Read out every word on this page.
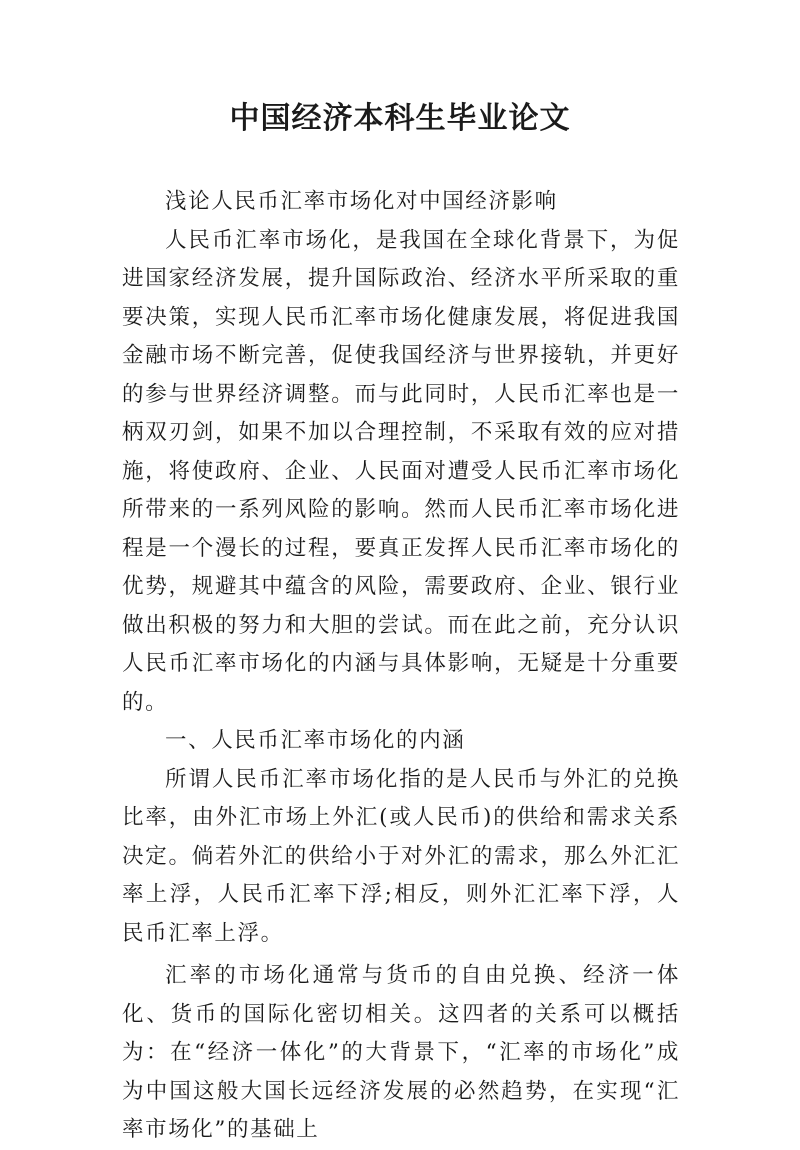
中国经济本科生毕业论文

浅论人民币汇率市场化对中国经济影响

人民币汇率市场化，是我国在全球化背景下，为促进国家经济发展，提升国际政治、经济水平所采取的重要决策，实现人民币汇率市场化健康发展，将促进我国金融市场不断完善，促使我国经济与世界接轨，并更好的参与世界经济调整。而与此同时，人民币汇率也是一柄双刃剑，如果不加以合理控制，不采取有效的应对措施，将使政府、企业、人民面对遭受人民币汇率市场化所带来的一系列风险的影响。然而人民币汇率市场化进程是一个漫长的过程，要真正发挥人民币汇率市场化的优势，规避其中蕴含的风险，需要政府、企业、银行业做出积极的努力和大胆的尝试。而在此之前，充分认识人民币汇率市场化的内涵与具体影响，无疑是十分重要的。

一、人民币汇率市场化的内涵

所谓人民币汇率市场化指的是人民币与外汇的兑换比率，由外汇市场上外汇(或人民币)的供给和需求关系决定。倘若外汇的供给小于对外汇的需求，那么外汇汇率上浮，人民币汇率下浮;相反，则外汇汇率下浮，人民币汇率上浮。

汇率的市场化通常与货币的自由兑换、经济一体化、货币的国际化密切相关。这四者的关系可以概括为：在“经济一体化”的大背景下，“汇率的市场化”成为中国这般大国长远经济发展的必然趋势，在实现“汇率市场化”的基础上
